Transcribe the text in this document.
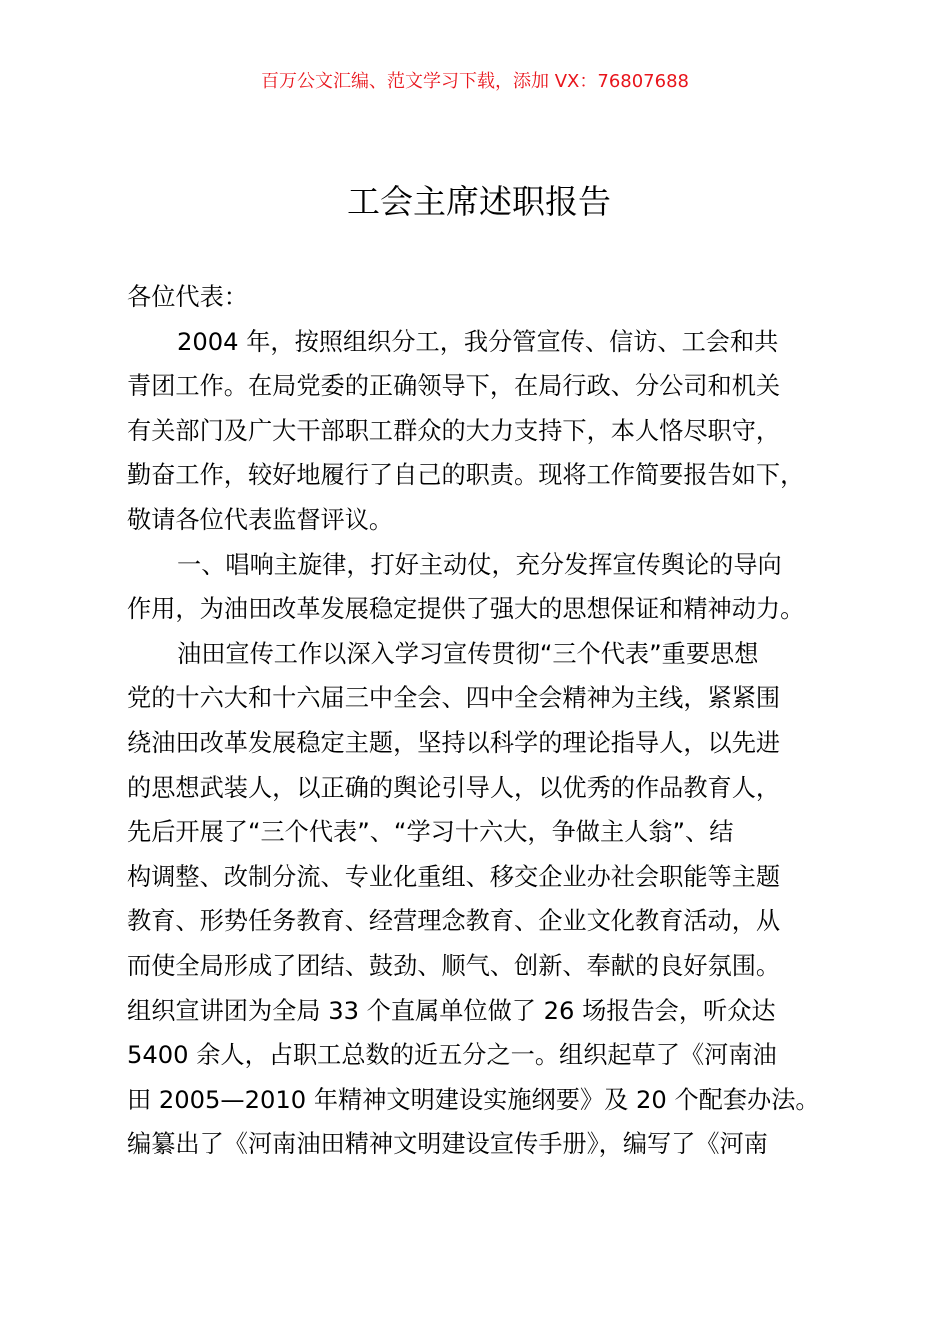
百万公文汇编、范文学习下载，添加 VX：76807688
工会主席述职报告
各位代表：
2004 年，按照组织分工，我分管宣传、信访、工会和共
青团工作。在局党委的正确领导下，在局行政、分公司和机关
有关部门及广大干部职工群众的大力支持下，本人恪尽职守，
勤奋工作，较好地履行了自己的职责。现将工作简要报告如下，
敬请各位代表监督评议。
一、唱响主旋律，打好主动仗，充分发挥宣传舆论的导向
作用，为油田改革发展稳定提供了强大的思想保证和精神动力。
油田宣传工作以深入学习宣传贯彻“三个代表”重要思想
党的十六大和十六届三中全会、四中全会精神为主线，紧紧围
绕油田改革发展稳定主题，坚持以科学的理论指导人，以先进
的思想武装人，以正确的舆论引导人，以优秀的作品教育人，
先后开展了“三个代表”、“学习十六大，争做主人翁”、结
构调整、改制分流、专业化重组、移交企业办社会职能等主题
教育、形势任务教育、经营理念教育、企业文化教育活动，从
而使全局形成了团结、鼓劲、顺气、创新、奉献的良好氛围。
组织宣讲团为全局 33 个直属单位做了 26 场报告会，听众达
5400 余人，占职工总数的近五分之一。组织起草了《河南油
田 2005—2010 年精神文明建设实施纲要》及 20 个配套办法。
编纂出了《河南油田精神文明建设宣传手册》，编写了《河南
